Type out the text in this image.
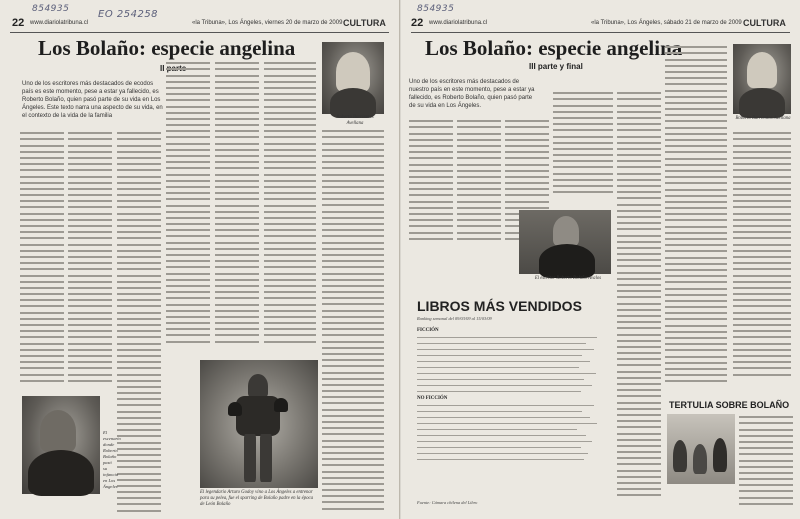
854935	EO 254258
22 www.diariolatribuna.cl	«la Tribuna», Los Ángeles, viernes 20 de marzo de 2009 CULTURA
Los Bolaño: especie angelina
II parte
Uno de los escritores más destacados de ecodos país es este momento, pese a estar ya fallecido, es Roberto Bolaño, quien pasó parte de su vida en Los Ángeles. Este texto narra una aspecto de su vida, en el contexto de la vida de la familia	Roberto Barrientos Avellana
El legendario Arturo Godoy vino a Los Ángeles a entrenar para su pelea, fue el sparring de Bolaño padre en la época de León Bolaño
El escenario donde Roberto Bolaño pasó su infancia en Los Ángeles
854935
22 www.diariolatribuna.cl	«la Tribuna», Los Ángeles, sábado 21 de marzo de 2009 CULTURA
Los Bolaño: especie angelina
III parte y final
Uno de los escritores más destacados de nuestro país en este momento, pese a estar ya fallecido, es Roberto Bolaño, quien pasó parte de su vida en Los Ángeles.
Roberto Barrientos Avellana
El escritor Roberto Bolaño Ávalos
LIBROS MÁS VENDIDOS
Ranking semanal del 09/03/09 al 15/03/09
FICCIÓN
NO FICCIÓN
Fuente: Cámara chilena del Libro
TERTULIA SOBRE BOLAÑO
